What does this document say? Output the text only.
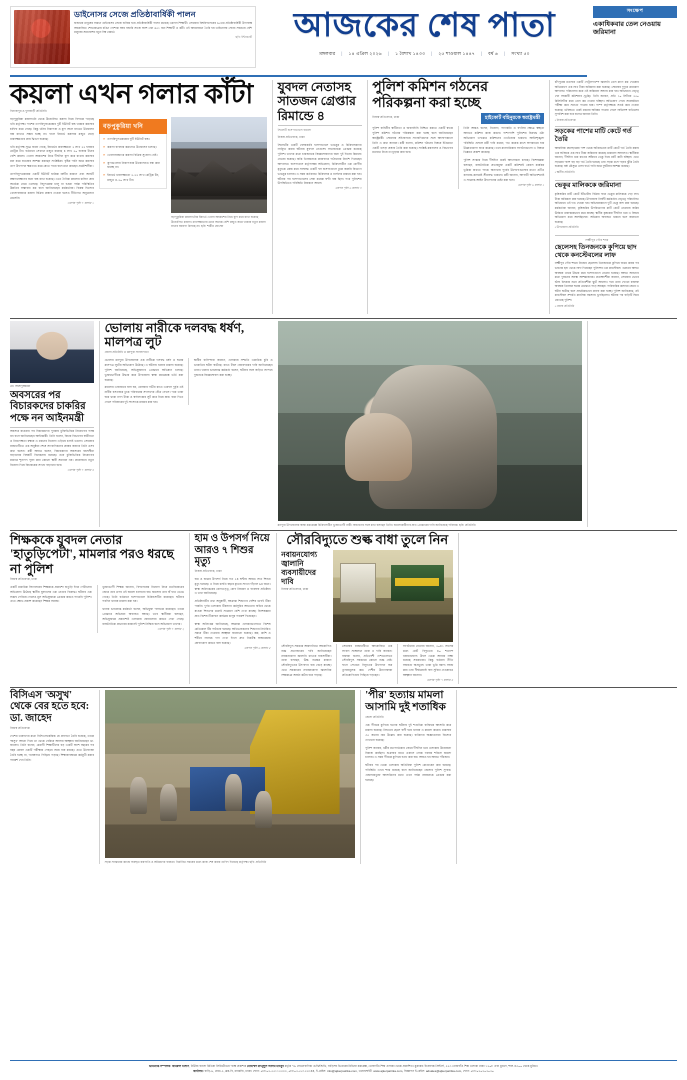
ডাইনোসর সেজে প্রতিষ্ঠাবার্ষিকী পালন
হাজারো মানুষের সামনে ডাইনোসর সেজে হাজির হয়ে প্রতিষ্ঠাবার্ষিকী পালন করেছে একদল শিক্ষার্থী। সোমবার বিশ্ববিদ্যালয়ের ৬৫তম প্রতিষ্ঠাবার্ষিকী উপলক্ষে আয়োজিত শোভাযাত্রায় রঙিন পোশাক আর বাহারি সাজে অংশ নেন ৬৫১ জন শিক্ষার্থী ও কর্মী। এই আয়োজনে তৈরি হয় ডাইনোসর সেজে সবচেয়ে বেশি মানুষের সমাবেশের নতুন বিশ্ব রেকর্ড।
ছবি: ইন্টারনেট	আজকের শেষ পাতা
মঙ্গলবার | ১৪ এপ্রিল ২০২৬ | ১ বৈশাখ ১৪৩৩ | ২৫ শাওয়াল ১৪৪৭ | বর্ষ ৬ | সংখ্যা ৫০
সংক্ষেপ
একাধিকবার তেল নেওয়ায় জরিমানা
কয়লা এখন গলার কাঁটা
দিনাজপুর ও ফুলবাড়ী প্রতিনিধি
বড়পুকুরিয়া কয়লাখনি থেকে উত্তোলিত কয়লা নিয়ে বিপাকে পড়েছে খনি কর্তৃপক্ষ। পাশের তাপবিদ্যুৎকেন্দ্রের দুটি ইউনিট বন্ধ থাকায় কয়লার চাহিদা কমে গেছে। কিন্তু খনির নিরাপত্তা ও কূপ সচল রাখতে উত্তোলন বন্ধ রাখাও সম্ভব হচ্ছে না। ফলে ইয়ার্ডে কয়লার মজুত বেড়ে ধারণক্ষমতার প্রায় দ্বিগুণ হয়েছে।
খনি কর্তৃপক্ষ সূত্রে জানা গেছে, ইয়ার্ডের ধারণক্ষমতা ২ লাখ ২২ হাজার মেট্রিক টন। বর্তমানে সেখানে মজুত রয়েছে ৪ লাখ ২০ হাজার টনের বেশি কয়লা। খোলা আকাশের নিচে দীর্ঘদিন স্তূপ করে রাখায় কয়লার মান কমে যাওয়ার আশঙ্কা করছেন সংশ্লিষ্টরা। বৃষ্টির পানি জমে কয়লার তাপ উৎপাদন ক্ষমতাও কমে যেতে পারে বলে মনে করছেন প্রকৌশলীরা।
তাপবিদ্যুৎকেন্দ্রের একটি ইউনিট যান্ত্রিক ত্রুটির কারণে এবং অন্যটি রক্ষণাবেক্ষণের জন্য বন্ধ রাখা হয়েছে। এতে দৈনিক কয়লার চাহিদা প্রায় অর্ধেকে নেমে এসেছে। বিদ্যুৎকেন্দ্র চালু না হওয়া পর্যন্ত পরিস্থিতির উন্নতির সম্ভাবনা কম বলে জানিয়েছেন কর্মকর্তারা। বিকল্প হিসেবে খোলাবাজারে কয়লা বিক্রির প্রস্তাব দেওয়া হলেও নীতিগত অনুমোদন মেলেনি।
এরপর পৃষ্ঠা ৭ কলাম ১
বড়পুকুরিয়া খনি
» তাপবিদ্যুৎকেন্দ্রের দুটি ইউনিট বন্ধ।
» কয়লা ব্যবহার কমলেও উত্তোলন চলছে।
» খোলাবাজারে কয়লা বিক্রির সুযোগ নেই।
» কূপগুলোর নিরাপত্তায় উত্তোলনও বন্ধ করা যাচ্ছে না।
» ইয়ার্ডে ধারণক্ষমতা ২.২২ লাখ মেট্রিক টন, মজুত ৪.২০ লাখ টন।
বড়পুকুরিয়া কয়লাখনির ইয়ার্ডে খোলা আকাশের নিচে স্তূপ করে রাখা হয়েছে উত্তোলিত কয়লা। ধারণক্ষমতার চেয়ে অনেক বেশি মজুত জমে থাকায় নতুন কয়লা রাখার জায়গা মিলছে না। ছবি: শামীম হোসেন
যুবদল নেতাসহ সাতজন গ্রেপ্তার রিমান্ডে ৪
সিলেটি হাসপাতালে হামলা
নিজস্ব প্রতিবেদক, ঢাকা
সিলেটের একটি বেসরকারি হাসপাতালে ভাঙচুর ও চিকিৎসকদের লাঞ্ছিত করার ঘটনায় যুবদল নেতাসহ সাতজনকে গ্রেপ্তার করেছে পুলিশ। তাদের মধ্যে চারজনকে জিজ্ঞাসাবাদের জন্য দুই দিনের রিমান্ডে নেওয়া হয়েছে। বাকি তিনজনকে কারাগারে পাঠানোর নির্দেশ দিয়েছেন আদালত। হাসপাতাল কর্তৃপক্ষের অভিযোগ, চিকিৎসাধীন এক রোগীর মৃত্যুকে কেন্দ্র করে সংঘবদ্ধ একটি দল হাসপাতালে ঢুকে জরুরি বিভাগে ভাঙচুর চালায়। এ সময় কর্তব্যরত চিকিৎসক ও নার্সদের মারধর করা হয়। ঘটনার পর হাসপাতালের সেবা কয়েক ঘণ্টা বন্ধ ছিল। পরে পুলিশের উপস্থিতিতে পরিস্থিতি নিয়ন্ত্রণে আসে।
এরপর পৃষ্ঠা ৬ কলাম ৩
পুলিশ কমিশন গঠনের পরিকল্পনা করা হচ্ছে
নিজস্ব প্রতিবেদক, ঢাকা	হাইকোর্ট বহিনুরকে স্বরাষ্ট্রমন্ত্রী
পুলিশ বাহিনীর স্বাধীনতা ও জবাবদিহি নিশ্চিত করতে একটি স্বতন্ত্র পুলিশ কমিশন গঠনের পরিকল্পনা করা হচ্ছে বলে জানিয়েছেন স্বরাষ্ট্রমন্ত্রী। সোমবার সচিবালয়ে সাংবাদিকদের সঙ্গে আলাপকালে তিনি এ কথা জানান। মন্ত্রী বলেন, কমিশন গঠনের বিষয়ে ইতিমধ্যে একটি খসড়া প্রস্তাব তৈরি করা হয়েছে। সংশ্লিষ্ট মন্ত্রণালয় ও বিভাগের মতামত নিয়ে তা চূড়ান্ত করা হবে।
তিনি আরও বলেন, নিয়োগ, পদোন্নতি ও বদলির ক্ষেত্রে স্বচ্ছতা আনতে কমিশন কাজ করবে। পাশাপাশি পুলিশের বিরুদ্ধে ওঠা অভিযোগ তদন্তেও কমিশনের এখতিয়ার থাকবে। আইনশৃঙ্খলা পরিস্থিতি প্রসঙ্গে মন্ত্রী দাবি করেন, গত কয়েক মাসে অপরাধের হার উল্লেখযোগ্য হারে কমেছে। তবে মানবাধিকার সংগঠনগুলো এ বিষয়ে ভিন্নমত প্রকাশ করেছে।
পুলিশ সংস্কার নিয়ে দীর্ঘদিন ধরেই আলোচনা চলছে। বিশেষজ্ঞরা বলছেন, রাজনৈতিক প্রভাবমুক্ত একটি কমিশনই কেবল কার্যকর ভূমিকা রাখতে পারে। অন্যথায় পূর্বের উদ্যোগগুলোর মতো এটিও কাগজে-কলমেই সীমাবদ্ধ থাকবে। মন্ত্রী জানান, আগামী অধিবেশনেই এ সংক্রান্ত আইন উত্থাপনের চেষ্টা করা হবে।
এরপর পৃষ্ঠা ৬ কলাম ১
চাঁদপুরের মতলবে একটি পেট্রলপাম্পে জ্বালানি তেল মাপে কম দেওয়ার অভিযোগে এক লাখ টাকা জরিমানা করা হয়েছে। সোমবার দুপুরে ভ্রাম্যমাণ আদালত পরিচালনা করে এই জরিমানা আদায় করা হয়। অভিযানে নেতৃত্ব দেন সহকারী কমিশনার (ভূমি)। তিনি জানান, প্রতি ১০ লিটারে ২৫০ মিলিলিটার করে তেল কম দেওয়া হচ্ছিল। অভিযোগ পেয়ে সরেজমিনে পরীক্ষা করে সত্যতা পাওয়া যায়। পাম্প কর্তৃপক্ষকে সতর্ক করে দেওয়া হয়েছে। ভবিষ্যতে একই ধরনের অনিয়ম পাওয়া গেলে লাইসেন্স বাতিলের সুপারিশ করা হবে বলেও জানান তিনি।
• নিজস্ব প্রতিবেদক
সড়কের পাশের মাটি কেটে গর্ত তৈরি
আঞ্চলিক মহাসড়কের পাশ থেকে অবৈধভাবে মাটি কেটে গর্ত তৈরি করায় এক ব্যক্তিকে এক লাখ টাকা জরিমানা করেছে ভ্রাম্যমাণ আদালত। স্থানীয়রা জানান, দীর্ঘদিন ধরে রাতের আঁধারে ভেকু দিয়ে মাটি কাটা হচ্ছিল। এতে সড়কের পাশে বড় বড় গর্ত তৈরি হয়েছে এবং সড়ক ধসে পড়ার ঝুঁকি তৈরি হয়েছে। বর্ষা মৌসুমে এসব গর্তে পানি জমে দুর্ঘটনার আশঙ্কা রয়েছে।
• স্থানীয় প্রতিনিধি
ভেকুর মালিককে জরিমানা
কৃষিজমির মাটি কেটে ইটভাটায় বিক্রির দায়ে ভেকুর মালিককে দেড় লাখ টাকা জরিমানা করা হয়েছে। উপজেলা নির্বাহী কর্মকর্তার নেতৃত্বে পরিচালিত অভিযানে এই দণ্ড দেওয়া হয়। অভিযানকালে দুটি ভেকু জব্দ করা হয়েছে। কর্মকর্তারা জানান, কৃষিজমির উপরিভাগের মাটি কেটে নেওয়ায় জমির উর্বরতা মারাত্মকভাবে কমে যাচ্ছে। স্থানীয় কৃষকেরা দীর্ঘদিন ধরে এ বিষয়ে অভিযোগ করে আসছিলেন। অভিযান অব্যাহত থাকবে বলে জানানো হয়েছে।
• উপজেলা প্রতিনিধি
লক্ষ্মীপুর পৌর শহর
ছেলেসহ তিনজনকে কুপিয়ে ছাদ থেকে কনস্টেবলের লাফ
লক্ষ্মীপুর পৌর শহরে নিজের ছেলেসহ তিনজনকে কুপিয়ে জখম করার পর ভবনের ছাদ থেকে লাফ দিয়েছেন পুলিশের এক কনস্টেবল। গুরুতর আহত অবস্থায় তাকে উদ্ধার করে হাসপাতালে নেওয়া হয়েছে। আহত অন্যদের মধ্যে দুজনের অবস্থা আশঙ্কাজনক। প্রত্যক্ষদর্শীরা জানান, সোমবার ভোরে হঠাৎ চিৎকার শুনে প্রতিবেশীরা ছুটে আসেন। পরে তারা দেখেন রক্তাক্ত অবস্থায় তিনজন ঘরের মেঝেতে পড়ে আছেন। পারিবারিক কলহের জেরে এ ঘটনা ঘটেছে বলে প্রাথমিকভাবে ধারণা করা হচ্ছে। পুলিশ জানিয়েছে, ওই কনস্টেবল সম্প্রতি মানসিক সমস্যায় ভুগছিলেন। ঘটনার পর বাড়িটি ঘিরে রেখেছে পুলিশ।
• জেলা প্রতিনিধি
মো. আসাদুজ্জামান
অবসরের পর বিচারকদের চাকরির পক্ষে নন আইনমন্ত্রী
অবসরে যাওয়ার পর বিচারকদের পুনরায় চুক্তিভিত্তিক নিয়োগের পক্ষে নন বলে জানিয়েছেন আইনমন্ত্রী। তিনি বলেন, বিচার বিভাগের স্বাধীনতা ও নিরপেক্ষতা রক্ষায় এ ধরনের নিয়োগ এড়িয়ে চলাই ভালো। সোমবার রাজধানীতে এক অনুষ্ঠান শেষে সাংবাদিকদের প্রশ্নের জবাবে তিনি এসব কথা বলেন। মন্ত্রী আরও বলেন, বিচারকদের অবসরের বয়সসীমা বাড়ানোর বিষয়টি বিবেচনায় রয়েছে। তবে চুক্তিভিত্তিক নিয়োগের মাধ্যমে শূন্যপদ পূরণ করা কোনো স্থায়ী সমাধান নয়। প্রয়োজনে নতুন নিয়োগ দিয়ে বিচারকের সংখ্যা বাড়ানো হবে।
এরপর পৃষ্ঠা ৭ কলাম ৪
ভোলায় নারীকে দলবদ্ধ ধর্ষণ, মালপত্র লুট
জেলা প্রতিনিধি ও মনপুরা সংবাদদাতা
ভোলার মনপুরা উপজেলায় এক নারীকে দলবদ্ধ ধর্ষণ ও ঘরের মালপত্র লুটের অভিযোগ উঠেছে। এ ঘটনায় থানায় মামলা হয়েছে। পুলিশ জানিয়েছে, অভিযুক্তদের গ্রেপ্তারে অভিযান চলছে। ভুক্তভোগীকে উদ্ধার করে উপজেলা স্বাস্থ্য কমপ্লেক্সে ভর্তি করা হয়েছে।
মামলার এজাহারে বলা হয়, রোববার গভীর রাতে একদল দুর্বৃত্ত ওই নারীর বসতঘরে ঢুকে পরিবারের সদস্যদের বেঁধে ফেলে। পরে তারা ঘরে থাকা নগদ টাকা ও স্বর্ণালংকার লুট করে নিয়ে যায়। বাধা দিতে গেলে পরিবারের দুই সদস্যকে মারধর করা হয়।
স্থানীয় বাসিন্দারা জানান, এলাকায় সম্প্রতি একাধিক চুরি ও ডাকাতির ঘটনা ঘটেছে। রাতে টহল জোরদারের দাবি জানিয়েছেন তারা। থানার ভারপ্রাপ্ত কর্মকর্তা বলেন, ঘটনার সঙ্গে জড়িত সন্দেহে দুজনকে জিজ্ঞাসাবাদ করা হচ্ছে।
মনপুরা উপজেলার স্বাস্থ্য কমপ্লেক্সে চিকিৎসাধীন ভুক্তভোগী নারী। স্বজনদের সঙ্গে কথা বলছেন তিনি। হামলাকারীদের দ্রুত গ্রেপ্তারের দাবি জানিয়েছে পরিবার। ছবি: প্রতিনিধি
শিক্ষককে যুবদল নেতার 'হাতুড়িপেটা', মামলার পরও ধরছে না পুলিশ
নিজস্ব প্রতিবেদক, ঢাকা
একটি মাধ্যমিক বিদ্যালয়ের শিক্ষককে প্রকাশ্যে হাতুড়ি দিয়ে পেটানোর অভিযোগ উঠেছে স্থানীয় যুবদলের এক নেতার বিরুদ্ধে। ঘটনার এক সপ্তাহ পেরিয়ে গেলেও মূল অভিযুক্তকে গ্রেপ্তার করতে পারেনি পুলিশ। এতে ক্ষোভ প্রকাশ করেছেন শিক্ষক সমাজ।
ভুক্তভোগী শিক্ষক জানান, বিদ্যালয়ের নিয়োগ নিয়ে মতবিরোধের জেরে তার ওপর এই হামলা চালানো হয়। হামলায় তার বাঁ হাত ভেঙে গেছে। তিনি বর্তমানে হাসপাতালে চিকিৎসাধীন রয়েছেন। ঘটনার পরদিন থানায় মামলা করা হয়।
থানার ভারপ্রাপ্ত কর্মকর্তা বলেন, অভিযুক্ত পলাতক রয়েছেন। তাকে গ্রেপ্তারে অভিযান অব্যাহত আছে। তবে স্থানীয়রা বলছেন, অভিযুক্তকে প্রকাশ্যেই এলাকায় ঘোরাফেরা করতে দেখা গেছে। রাজনৈতিক প্রভাবের কারণেই পুলিশ নিষ্ক্রিয় বলে অভিযোগ তাদের।
এরপর পৃষ্ঠা ৭ কলাম ২
হাম ও উপসর্গ নিয়ে আরও ৭ শিশুর মৃত্যু
নিজস্ব প্রতিবেদক, ঢাকা
হাম ও হামের উপসর্গ নিয়ে গত ২৪ ঘণ্টায় আরও সাত শিশুর মৃত্যু হয়েছে। এ নিয়ে চলতি বছরে মৃতের সংখ্যা দাঁড়াল ৬৪ জনে। স্বাস্থ্য অধিদপ্তরের রোগতত্ত্ব, রোগ নিয়ন্ত্রণ ও গবেষণা প্রতিষ্ঠান এ তথ্য জানিয়েছে।
প্রতিষ্ঠানটির তথ্য অনুযায়ী, আক্রান্ত শিশুদের বেশির ভাগই টিকা পায়নি। দুর্গম এলাকায় টিকাদান কর্মসূচির আওতার বাইরে থেকে যাওয়া শিশুদের মধ্যেই সংক্রমণ বেশি দেখা যাচ্ছে। বিশেষজ্ঞরা দ্রুত বিশেষ টিকাদান কার্যক্রম চালুর পরামর্শ দিয়েছেন।
স্বাস্থ্য অধিদপ্তর জানিয়েছে, আক্রান্ত এলাকাগুলোতে বিশেষ মেডিকেল টিম পাঠানো হয়েছে। অভিভাবকদের শিশুদের নির্ধারিত সময়ে টিকা দেওয়ার আহ্বান জানানো হয়েছে। জ্বর, কাশি ও শরীরে লালচে দাগ দেখা দিলে দ্রুত নিকটস্থ স্বাস্থ্যকেন্দ্রে যোগাযোগ করতে বলা হয়েছে।
এরপর পৃষ্ঠা ৬ কলাম ৫
সৌরবিদ্যুতে শুল্ক বাধা তুলে নিন
নবায়নযোগ্য জ্বালানি ব্যবসায়ীদের দাবি
নিজস্ব প্রতিবেদক, ঢাকা
সৌরবিদ্যুৎ সরঞ্জাম আমদানিতে আরোপিত শুল্ক প্রত্যাহারের দাবি জানিয়েছেন নবায়নযোগ্য জ্বালানি খাতের ব্যবসায়ীরা। তারা বলছেন, উচ্চ শুল্কের কারণে সৌরবিদ্যুতের উৎপাদন ব্যয় বেড়ে যাচ্ছে। এতে সরকারের নবায়নযোগ্য জ্বালানির লক্ষ্যমাত্রা অর্জন কঠিন হয়ে পড়ছে।
সোমবার রাজধানীতে আয়োজিত এক সংবাদ সম্মেলনে তারা এ দাবি জানান। বক্তারা বলেন, প্রতিবেশী দেশগুলোতে সৌরবিদ্যুৎ সরঞ্জামে কোনো শুল্ক নেই। ফলে সেখানে বিদ্যুতের উৎপাদন ব্যয় তুলনামূলক কম। দেশীয় উদ্যোক্তারা প্রতিযোগিতায় পিছিয়ে পড়ছেন।
সংগঠনের নেতারা জানান, ২০৪১ সালের মধ্যে মোট বিদ্যুতের ৪০ শতাংশ নবায়নযোগ্য উৎস থেকে আনার লক্ষ্য রয়েছে সরকারের। কিন্তু বর্তমান নীতি সহায়তা অপ্রতুল। তারা ভূমি বরাদ্দ সহজ করা এবং দীর্ঘমেয়াদি ঋণ সুবিধা দেওয়ারও আহ্বান জানান।
এরপর পৃষ্ঠা ৭ কলাম ৫
বিসিএস 'অসুখ' থেকে বের হতে হবে: ডা. জাহেদ
নিজস্ব প্রতিবেদক
দেশের তরুণদের মধ্যে বিসিএসকেন্দ্রিক যে প্রবণতা তৈরি হয়েছে, তাকে 'অসুখ' আখ্যা দিয়ে তা থেকে বেরিয়ে আসার আহ্বান জানিয়েছেন ডা. জাহেদ। তিনি বলেন, মেধাবী শিক্ষার্থীদের বড় একটি অংশ বছরের পর বছর কেবল একটি পরীক্ষার পেছনে সময় ব্যয় করছে। এতে উদ্যোক্তা তৈরি হচ্ছে না, গবেষণাও পিছিয়ে পড়ছে। শিক্ষাব্যবস্থাকে কর্মমুখী করার পরামর্শ দেন তিনি।
সড়ক সংস্কারের কাজে ব্যবহৃত যন্ত্রপাতি ও শ্রমিকদের ব্যস্ততা। নির্ধারিত সময়ের মধ্যে কাজ শেষ করার তাগিদ দিয়েছে কর্তৃপক্ষ। ছবি: প্রতিনিধি
'পীর' হত্যায় মামলা আসামি দুই শতাধিক
জেলা প্রতিনিধি
এক পীরকে কুপিয়ে হত্যার ঘটনায় দুই শতাধিক ব্যক্তিকে আসামি করে মামলা হয়েছে। নিহতের ছেলে বাদী হয়ে থানায় এ মামলা করেন। মামলায় ৩৫ জনের নাম উল্লেখ করা হয়েছে। বাকিদের অজ্ঞাতনামা হিসেবে দেখানো হয়েছে।
পুলিশ জানায়, ধর্মীয় মতপার্থক্যের জেরে দীর্ঘদিন ধরে এলাকায় উত্তেজনা বিরাজ করছিল। শুক্রবার রাতে একদল লোক দরবার শরিফে হামলা চালায়। এ সময় পীরকে কুপিয়ে হত্যা করা হয়। আহত হন আরও পাঁচজন।
ঘটনার পর থেকে এলাকায় অতিরিক্ত পুলিশ মোতায়েন করা হয়েছে। পরিস্থিতি এখন শান্ত রয়েছে বলে জানিয়েছেন জেলার পুলিশ সুপার। এজাহারভুক্ত আসামিদের মধ্যে এখন পর্যন্ত নয়জনকে গ্রেপ্তার করা হয়েছে।
ভারপ্রাপ্ত সম্পাদক: কামরুল হাসান, নিউজ বাংলা মিডিয়া লিমিটেডের পক্ষে প্রকাশক মোহাম্মদ মাহমুদুল আলম মাহবুব কর্তৃক ৭৯ সেগুনবাগিচা এ/বি/সি/ডি, বাড়িসহ ভিতরের মিডিয়া কমপ্লেক্স, তেজগাঁও শিল্প এলাকা থেকে প্রকাশিত। মুদ্রাকর: ইত্তেফাক প্রিন্টার্স, ২২৩ তেজগাঁও শিল্প এলাকা ঢাকা ১২০৮ এবং মুদ্রণে, শরৎ ৪৩০০ থেকে মুদ্রিত।
কার্যালয়: বাড়ি-৯, রোড-২, ব্লক-বি, ধানমন্ডি, ঢাকা। ফোন: +৮৮০২-৫৫১১২২৩৩, +৮৮০২-৫৫১২২৩৪৪, ই-মেইল: info@ajkerpatrika.com, ওয়েবসাইট: www.ajkerpatrika.com, বিজ্ঞাপন ই-মেইল: adsales@ajkerpatrika.com, ফোন: +৮৮০২০২০২০২০
